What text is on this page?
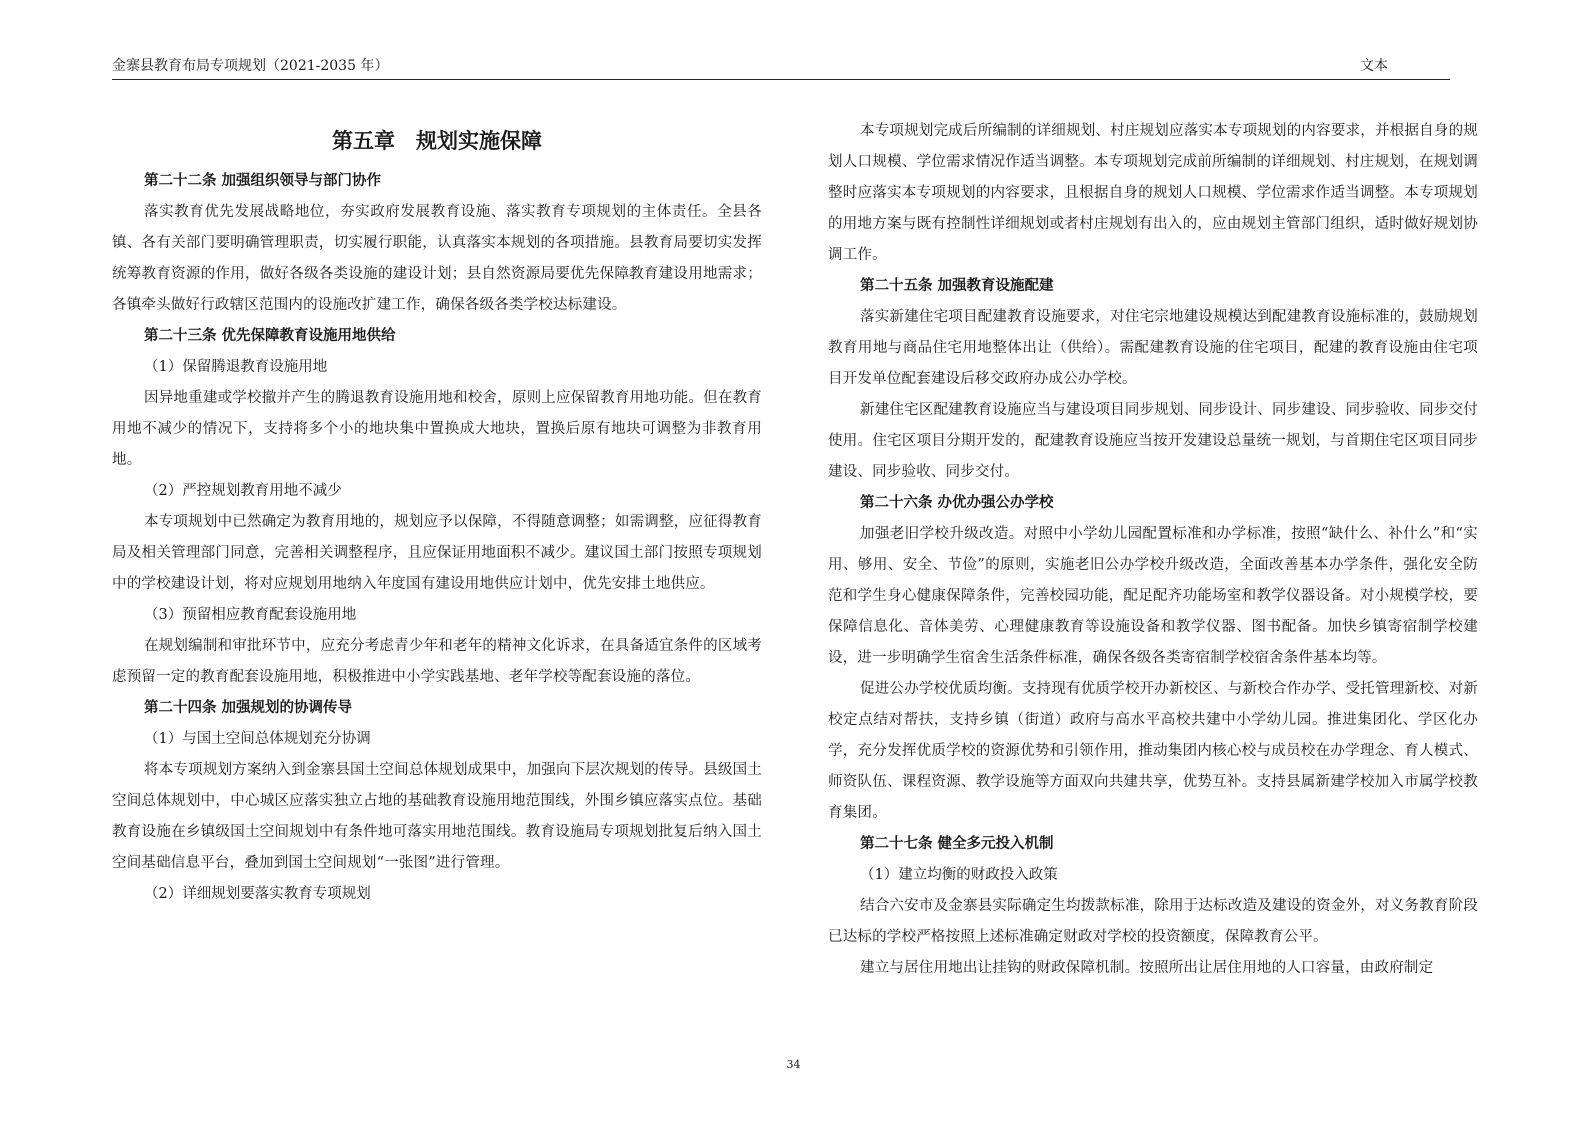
金寨县教育布局专项规划（2021-2035 年）	文本
第五章　规划实施保障

第二十二条 加强组织领导与部门协作

落实教育优先发展战略地位，夯实政府发展教育设施、落实教育专项规划的主体责任。全县各镇、各有关部门要明确管理职责，切实履行职能，认真落实本规划的各项措施。县教育局要切实发挥统筹教育资源的作用，做好各级各类设施的建设计划；县自然资源局要优先保障教育建设用地需求；各镇牵头做好行政辖区范围内的设施改扩建工作，确保各级各类学校达标建设。

第二十三条 优先保障教育设施用地供给

（1）保留腾退教育设施用地

因异地重建或学校撤并产生的腾退教育设施用地和校舍，原则上应保留教育用地功能。但在教育用地不减少的情况下，支持将多个小的地块集中置换成大地块，置换后原有地块可调整为非教育用地。

（2）严控规划教育用地不减少

本专项规划中已然确定为教育用地的，规划应予以保障，不得随意调整；如需调整，应征得教育局及相关管理部门同意，完善相关调整程序，且应保证用地面积不减少。建议国土部门按照专项规划中的学校建设计划，将对应规划用地纳入年度国有建设用地供应计划中，优先安排土地供应。

（3）预留相应教育配套设施用地

在规划编制和审批环节中，应充分考虑青少年和老年的精神文化诉求，在具备适宜条件的区域考虑预留一定的教育配套设施用地，积极推进中小学实践基地、老年学校等配套设施的落位。

第二十四条 加强规划的协调传导

（1）与国土空间总体规划充分协调

将本专项规划方案纳入到金寨县国土空间总体规划成果中，加强向下层次规划的传导。县级国土空间总体规划中，中心城区应落实独立占地的基础教育设施用地范围线，外围乡镇应落实点位。基础教育设施在乡镇级国土空间规划中有条件地可落实用地范围线。教育设施局专项规划批复后纳入国土空间基础信息平台，叠加到国土空间规划“一张图”进行管理。

（2）详细规划要落实教育专项规划

本专项规划完成后所编制的详细规划、村庄规划应落实本专项规划的内容要求，并根据自身的规划人口规模、学位需求情况作适当调整。本专项规划完成前所编制的详细规划、村庄规划，在规划调整时应落实本专项规划的内容要求，且根据自身的规划人口规模、学位需求作适当调整。本专项规划的用地方案与既有控制性详细规划或者村庄规划有出入的，应由规划主管部门组织，适时做好规划协调工作。

第二十五条 加强教育设施配建

落实新建住宅项目配建教育设施要求，对住宅宗地建设规模达到配建教育设施标准的，鼓励规划教育用地与商品住宅用地整体出让（供给）。需配建教育设施的住宅项目，配建的教育设施由住宅项目开发单位配套建设后移交政府办成公办学校。

新建住宅区配建教育设施应当与建设项目同步规划、同步设计、同步建设、同步验收、同步交付使用。住宅区项目分期开发的，配建教育设施应当按开发建设总量统一规划，与首期住宅区项目同步建设、同步验收、同步交付。

第二十六条 办优办强公办学校

加强老旧学校升级改造。对照中小学幼儿园配置标准和办学标准，按照“缺什么、补什么”和“实用、够用、安全、节俭”的原则，实施老旧公办学校升级改造，全面改善基本办学条件，强化安全防范和学生身心健康保障条件，完善校园功能，配足配齐功能场室和教学仪器设备。对小规模学校，要保障信息化、音体美劳、心理健康教育等设施设备和教学仪器、图书配备。加快乡镇寄宿制学校建设，进一步明确学生宿舍生活条件标准，确保各级各类寄宿制学校宿舍条件基本均等。

促进公办学校优质均衡。支持现有优质学校开办新校区、与新校合作办学、受托管理新校、对新校定点结对帮扶，支持乡镇（街道）政府与高水平高校共建中小学幼儿园。推进集团化、学区化办学，充分发挥优质学校的资源优势和引领作用，推动集团内核心校与成员校在办学理念、育人模式、师资队伍、课程资源、教学设施等方面双向共建共享，优势互补。支持县属新建学校加入市属学校教育集团。

第二十七条 健全多元投入机制

（1）建立均衡的财政投入政策

结合六安市及金寨县实际确定生均拨款标准，除用于达标改造及建设的资金外，对义务教育阶段已达标的学校严格按照上述标准确定财政对学校的投资额度，保障教育公平。

建立与居住用地出让挂钩的财政保障机制。按照所出让居住用地的人口容量，由政府制定

34
